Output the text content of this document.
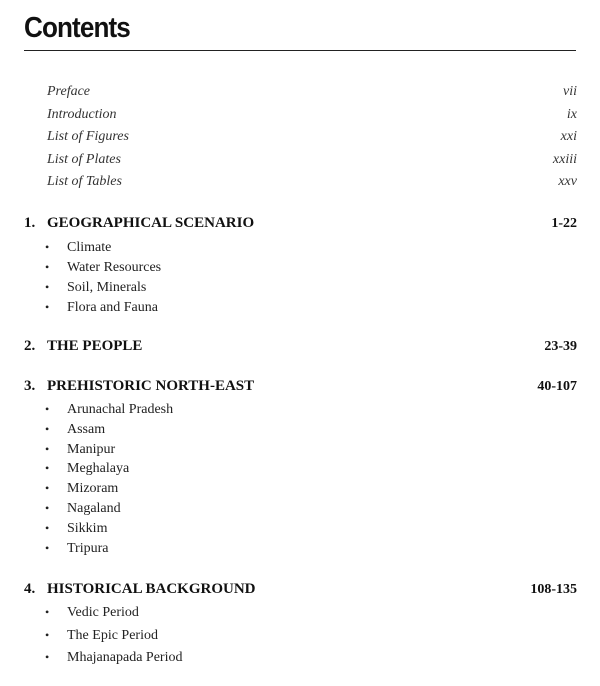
Contents
Preface	vii
Introduction	ix
List of Figures	xxi
List of Plates	xxiii
List of Tables	xxv
1. GEOGRAPHICAL SCENARIO	1-22
•	Climate
•	Water Resources
•	Soil, Minerals
•	Flora and Fauna
2. THE PEOPLE	23-39
3. PREHISTORIC NORTH-EAST	40-107
•	Arunachal Pradesh
•	Assam
•	Manipur
•	Meghalaya
•	Mizoram
•	Nagaland
•	Sikkim
•	Tripura
4. HISTORICAL BACKGROUND	108-135
•	Vedic Period
•	The Epic Period
•	Mhajanapada Period
